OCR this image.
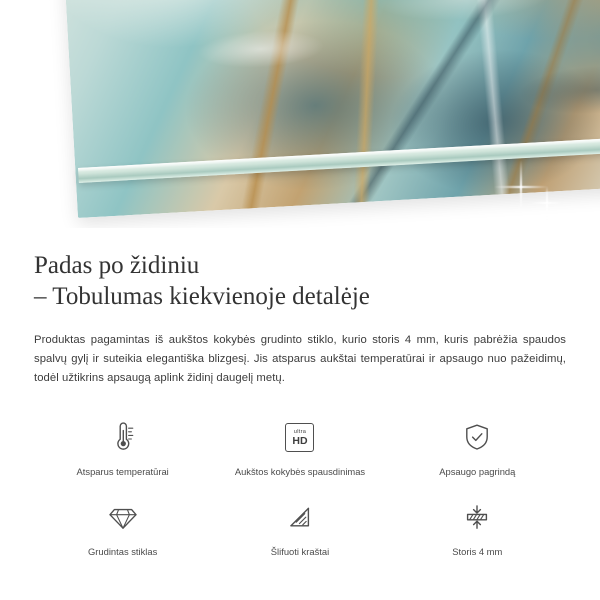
Padas po židiniu
– Tobulumas kiekvienoje detalėje

Produktas pagamintas iš aukštos kokybės grudinto stiklo, kurio storis 4 mm, kuris pabrėžia spaudos spalvų gylį ir suteikia elegantiška blizgesį. Jis atsparus aukštai temperatūrai ir apsaugo nuo pažeidimų, todėl užtikrins apsaugą aplink židinį daugelį metų.

Atsparus temperatūrai
ultra
HD
Aukštos kokybės spausdinimas	Apsaugo pagrindą
Grudintas stiklas	Šlifuoti kraštai	Storis 4 mm
